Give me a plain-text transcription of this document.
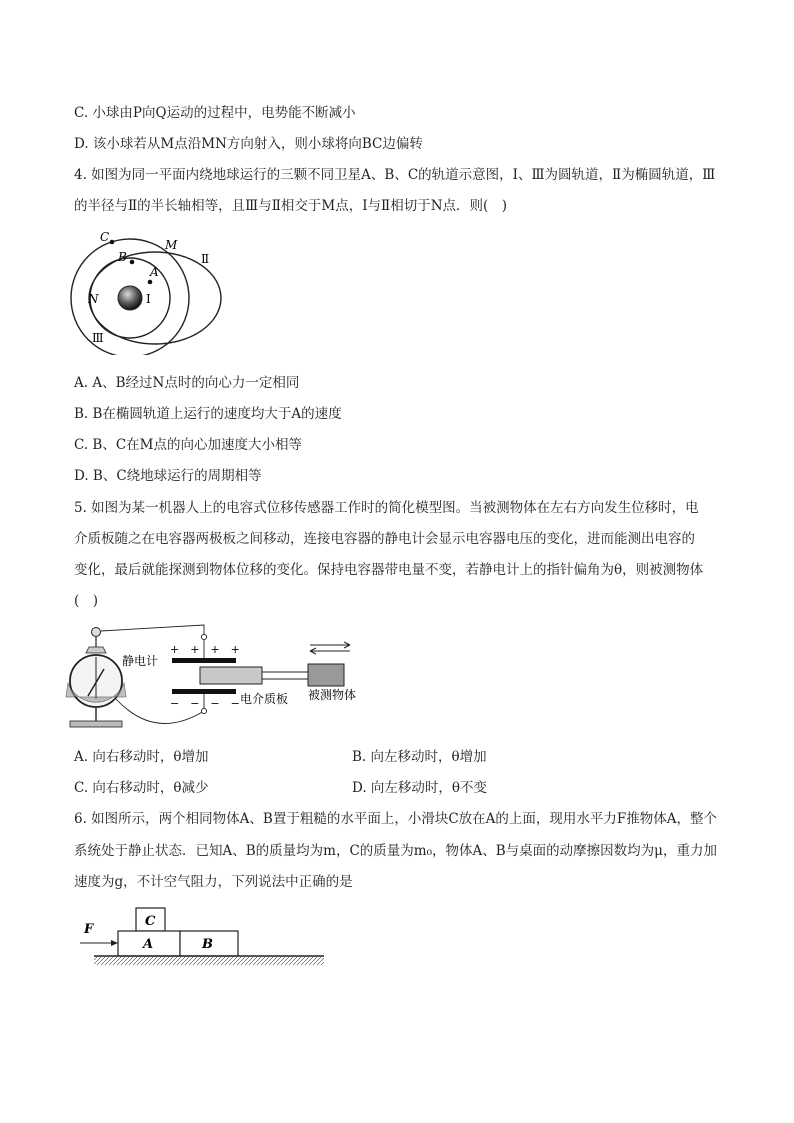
C. 小球由P向Q运动的过程中，电势能不断减小
D. 该小球若从M点沿MN方向射入，则小球将向BC边偏转
4. 如图为同一平面内绕地球运行的三颗不同卫星A、B、C的轨道示意图，Ⅰ、Ⅲ为圆轨道，Ⅱ为椭圆轨道，Ⅲ
的半径与Ⅱ的半长轴相等，且Ⅲ与Ⅱ相交于M点，Ⅰ与Ⅱ相切于N点．则(　)
C
B
A
M
N	Ⅰ
Ⅱ
Ⅲ
A. A、B经过N点时的向心力一定相同
B. B在椭圆轨道上运行的速度均大于A的速度
C. B、C在M点的向心加速度大小相等
D. B、C绕地球运行的周期相等
5. 如图为某一机器人上的电容式位移传感器工作时的简化模型图。当被测物体在左右方向发生位移时，电
介质板随之在电容器两极板之间移动，连接电容器的静电计会显示电容器电压的变化，进而能测出电容的
变化，最后就能探测到物体位移的变化。保持电容器带电量不变，若静电计上的指针偏角为θ，则被测物体
(　)
+　+　+　+
−　−　−　−
静电计
电介质板 被测物体
A. 向右移动时，θ增加	B. 向左移动时，θ增加
C. 向右移动时，θ减少	D. 向左移动时，θ不变
6. 如图所示，两个相同物体A、B置于粗糙的水平面上，小滑块C放在A的上面，现用水平力F推物体A，整个
系统处于静止状态．已知A、B的质量均为m，C的质量为m₀，物体A、B与桌面的动摩擦因数均为μ，重力加
速度为g，不计空气阻力，下列说法中正确的是
F
C
A	B
